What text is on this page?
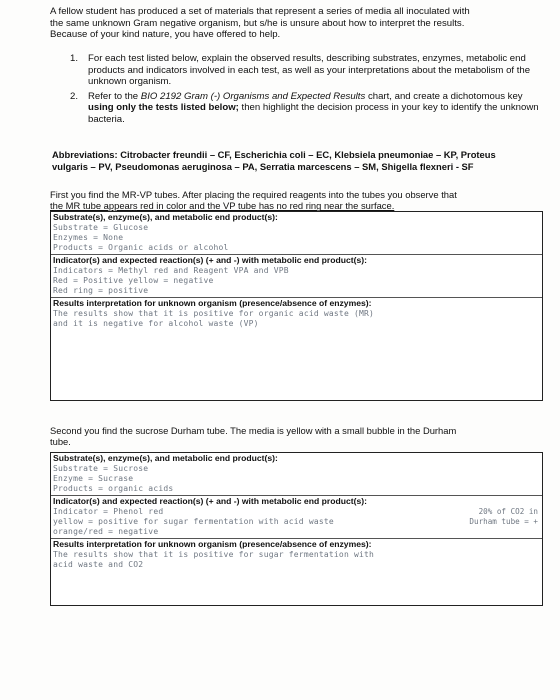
A fellow student has produced a set of materials that represent a series of media all inoculated with
the same unknown Gram negative organism, but s/he is unsure about how to interpret the results.
Because of your kind nature, you have offered to help.
1. For each test listed below, explain the observed results, describing substrates, enzymes, metabolic end products and indicators involved in each test, as well as your interpretations about the metabolism of the unknown organism.
2. Refer to the BIO 2192 Gram (-) Organisms and Expected Results chart, and create a dichotomous key using only the tests listed below; then highlight the decision process in your key to identify the unknown bacteria.
Abbreviations: Citrobacter freundii – CF, Escherichia coli – EC, Klebsiela pneumoniae – KP, Proteus
vulgaris – PV, Pseudomonas aeruginosa – PA, Serratia marcescens – SM, Shigella flexneri - SF
First you find the MR-VP tubes. After placing the required reagents into the tubes you observe that
the MR tube appears red in color and the VP tube has no red ring near the surface.
Substrate(s), enzyme(s), and metabolic end product(s):
Substrate = Glucose
Enzymes = None
Products = Organic acids or alcohol
Indicator(s) and expected reaction(s) (+ and -) with metabolic end product(s):
Indicators = Methyl red and Reagent VPA and VPB
Red = Positive yellow = negative
Red ring = positive
Results interpretation for unknown organism (presence/absence of enzymes):
The results show that it is positive for organic acid waste (MR)
and it is negative for alcohol waste (VP)
Second you find the sucrose Durham tube. The media is yellow with a small bubble in the Durham
tube.
Substrate(s), enzyme(s), and metabolic end product(s):
Substrate = Sucrose
Enzyme = Sucrase
Products = organic acids
Indicator(s) and expected reaction(s) (+ and -) with metabolic end product(s):
Indicator = Phenol red
yellow = positive for sugar fermentation with acid waste
orange/red = negative
20% of CO2 in
Durham tube = +
Results interpretation for unknown organism (presence/absence of enzymes):
The results show that it is positive for sugar fermentation with
acid waste and CO2
